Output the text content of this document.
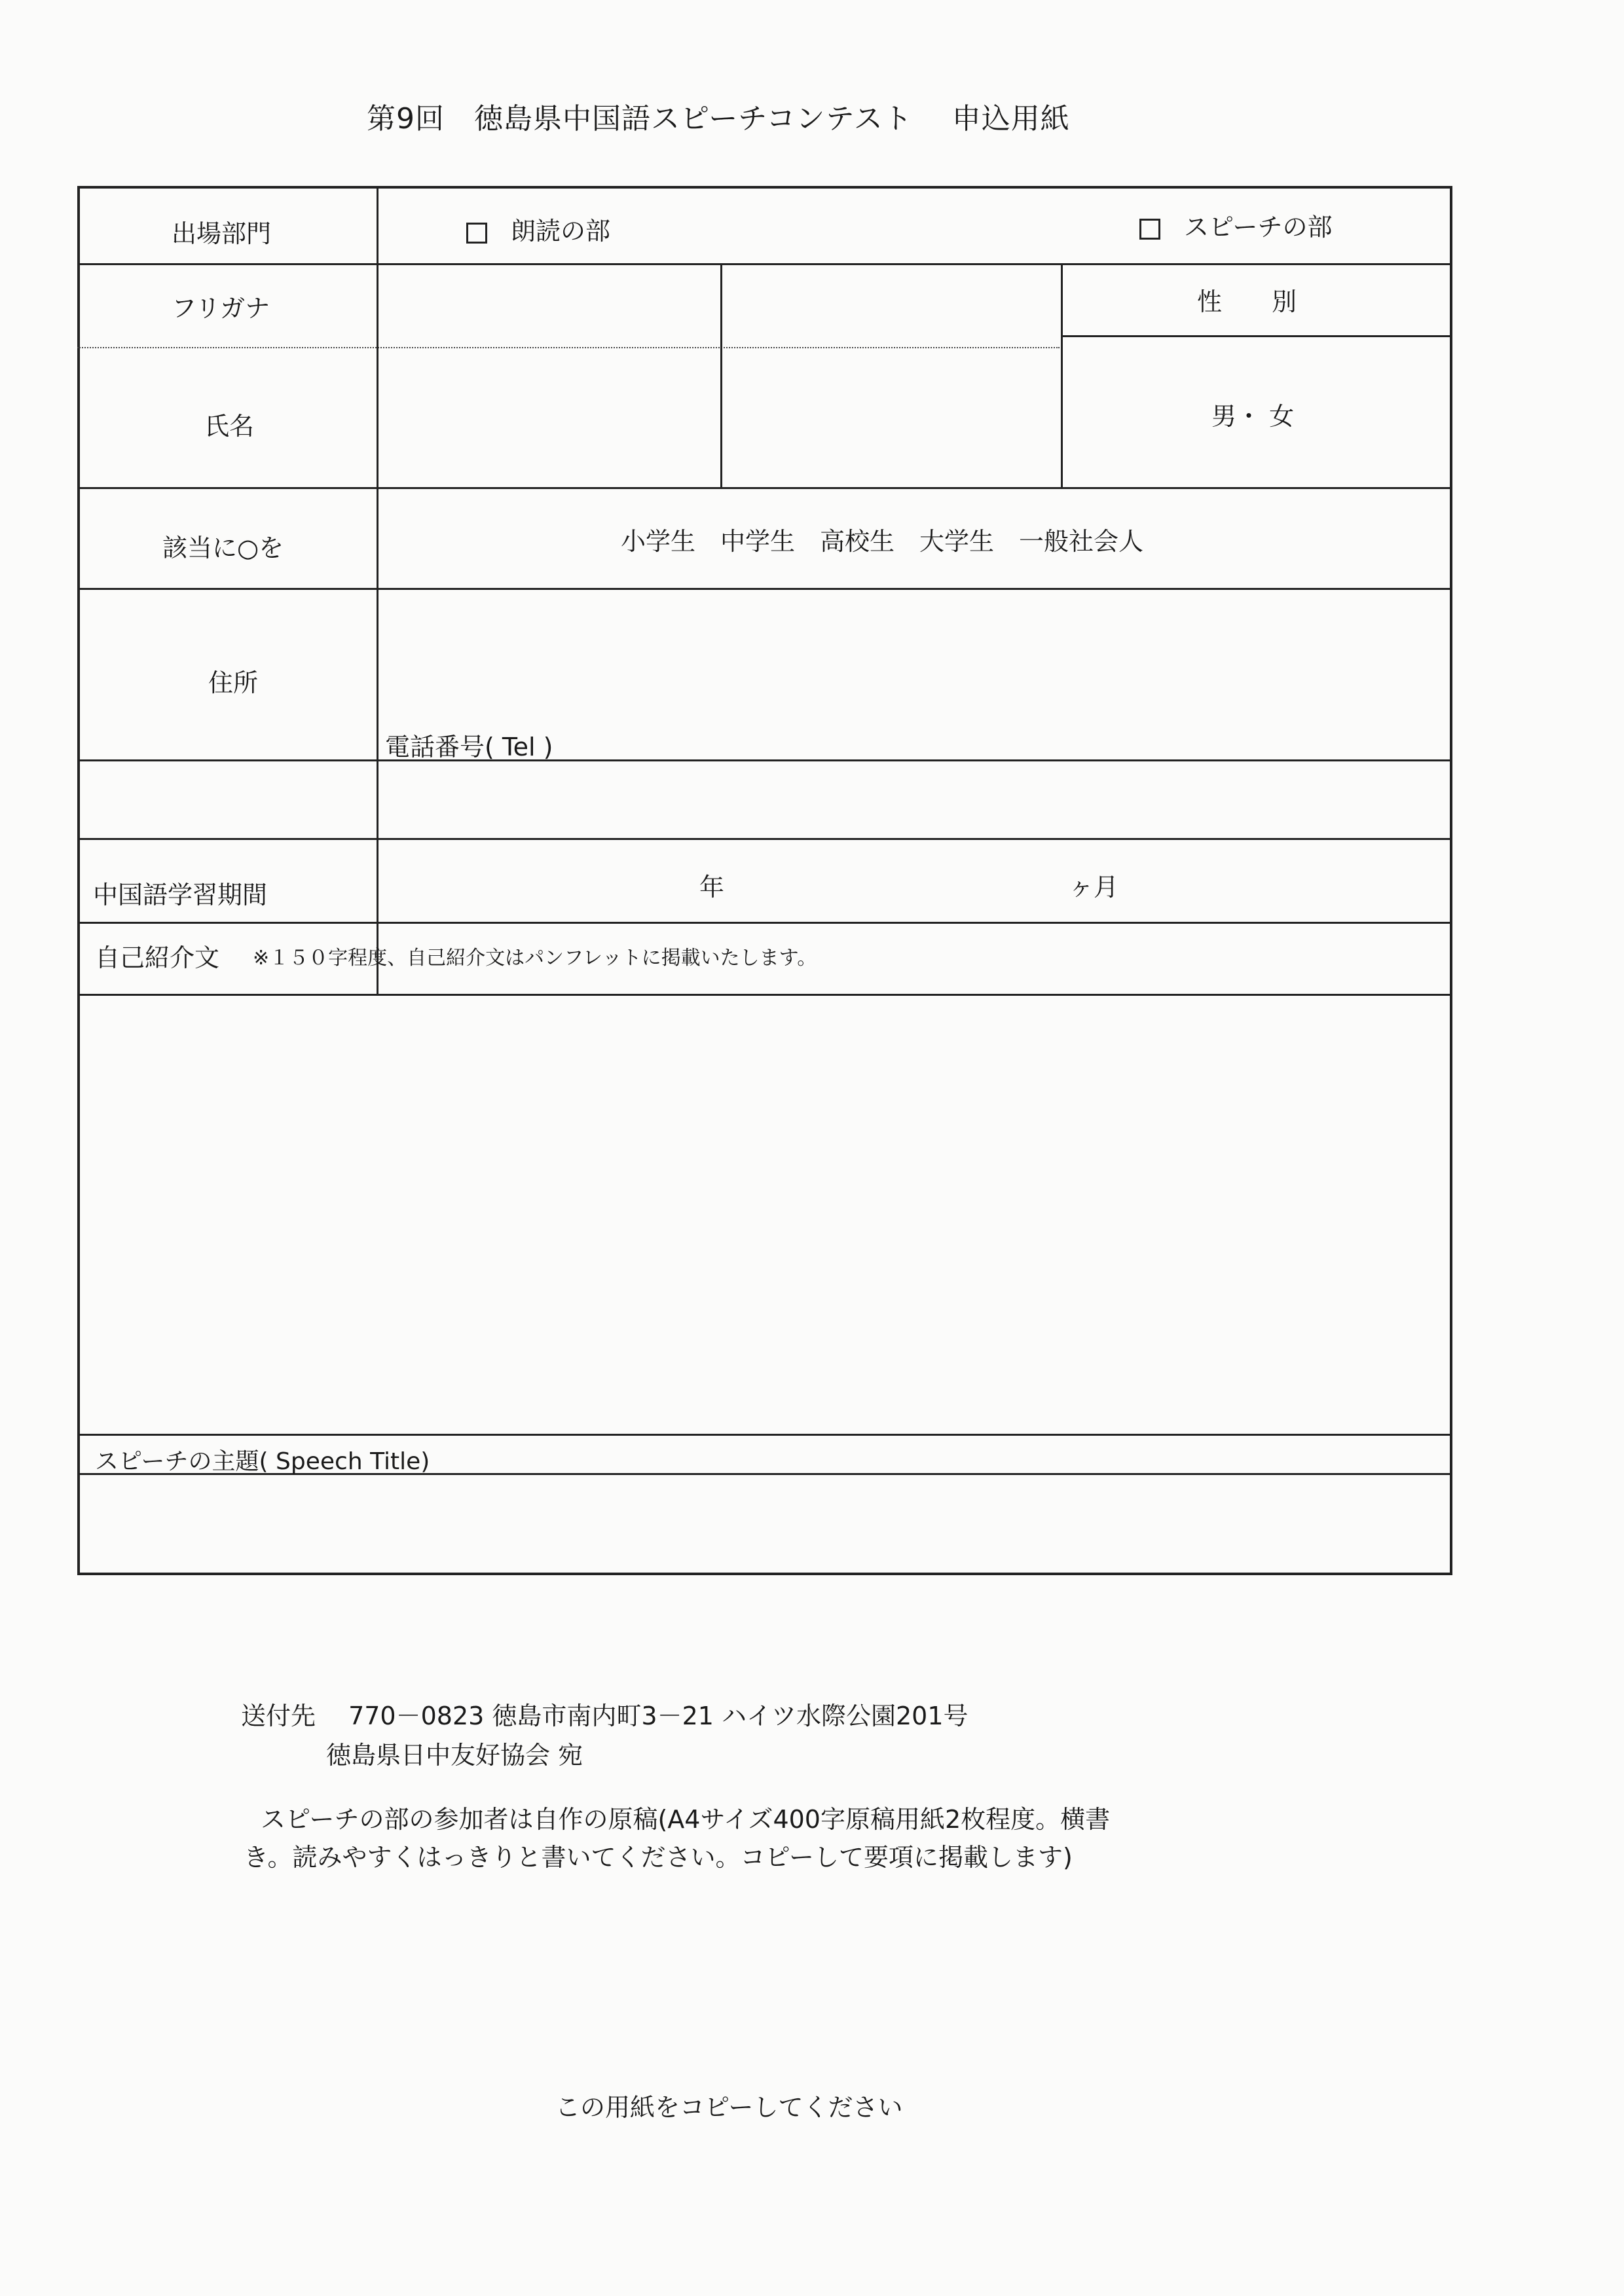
第9回　徳島県中国語スピーチコンテスト　 申込用紙
出場部門	朗読の部	スピーチの部
フリガナ	性　　別
氏名	男・ 女
該当に○を	小学生　中学生　高校生　大学生　一般社会人
住所
電話番号( Tel )
中国語学習期間	年	ヶ月
自己紹介文 ※１５０字程度、自己紹介文はパンフレットに掲載いたします。
スピーチの主題( Speech Title)
送付先　 770－0823 徳島市南内町3－21 ハイツ水際公園201号
徳島県日中友好協会 宛
スピーチの部の参加者は自作の原稿(A4サイズ400字原稿用紙2枚程度。横書
き。読みやすくはっきりと書いてください。コピーして要項に掲載します)
この用紙をコピーしてください
